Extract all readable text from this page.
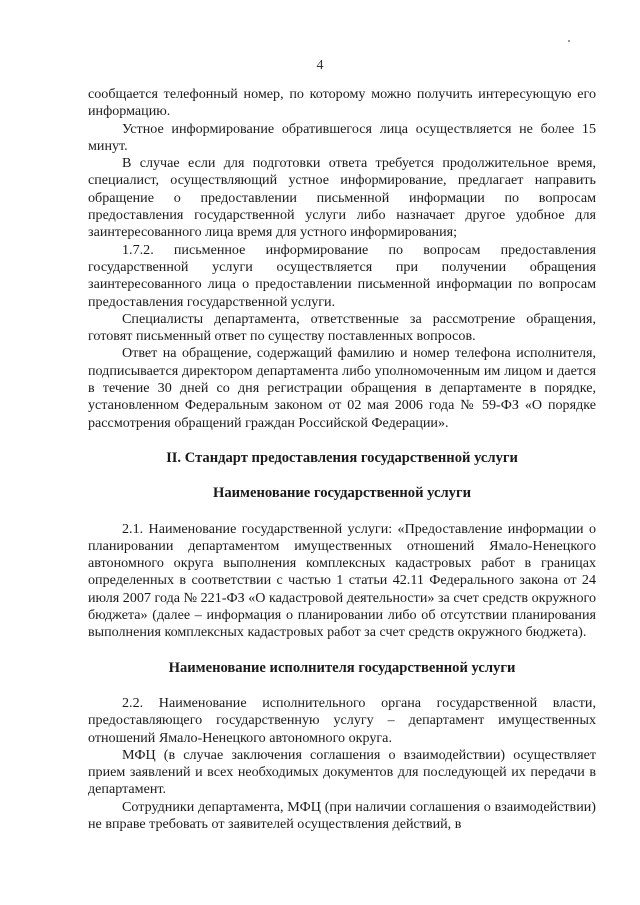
4

сообщается телефонный номер, по которому можно получить интересующую его информацию.

Устное информирование обратившегося лица осуществляется не более 15 минут.

В случае если для подготовки ответа требуется продолжительное время, специалист, осуществляющий устное информирование, предлагает направить обращение о предоставлении письменной информации по вопросам предоставления государственной услуги либо назначает другое удобное для заинтересованного лица время для устного информирования;

1.7.2. письменное информирование по вопросам предоставления государственной услуги осуществляется при получении обращения заинтересованного лица о предоставлении письменной информации по вопросам предоставления государственной услуги.

Специалисты департамента, ответственные за рассмотрение обращения, готовят письменный ответ по существу поставленных вопросов.

Ответ на обращение, содержащий фамилию и номер телефона исполнителя, подписывается директором департамента либо уполномоченным им лицом и дается в течение 30 дней со дня регистрации обращения в департаменте в порядке, установленном Федеральным законом от 02 мая 2006 года № 59-ФЗ «О порядке рассмотрения обращений граждан Российской Федерации».

II. Стандарт предоставления государственной услуги

Наименование государственной услуги

2.1. Наименование государственной услуги: «Предоставление информации о планировании департаментом имущественных отношений Ямало-Ненецкого автономного округа выполнения комплексных кадастровых работ в границах определенных в соответствии с частью 1 статьи 42.11 Федерального закона от 24 июля 2007 года № 221-ФЗ «О кадастровой деятельности» за счет средств окружного бюджета» (далее – информация о планировании либо об отсутствии планирования выполнения комплексных кадастровых работ за счет средств окружного бюджета).

Наименование исполнителя государственной услуги

2.2. Наименование исполнительного органа государственной власти, предоставляющего государственную услугу – департамент имущественных отношений Ямало-Ненецкого автономного округа.

МФЦ (в случае заключения соглашения о взаимодействии) осуществляет прием заявлений и всех необходимых документов для последующей их передачи в департамент.

Сотрудники департамента, МФЦ (при наличии соглашения о взаимодействии) не вправе требовать от заявителей осуществления действий, в
